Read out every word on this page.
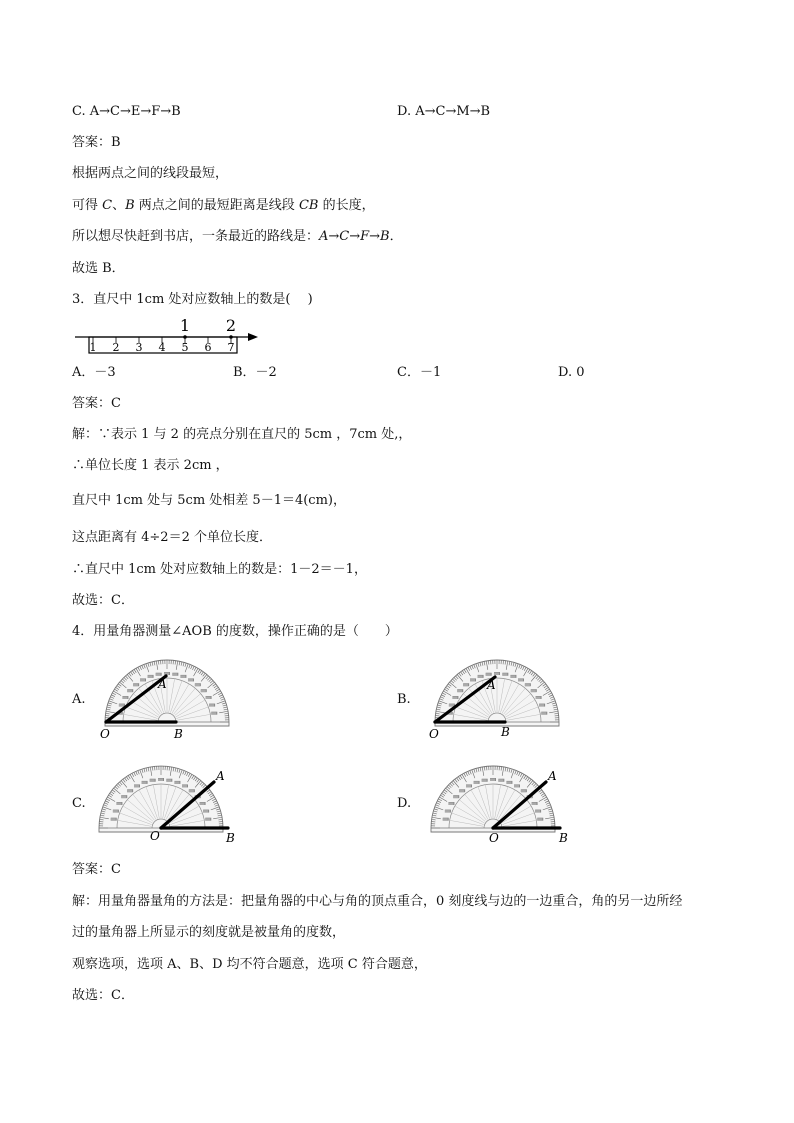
C. A→C→E→F→B	D. A→C→M→B
答案：B
根据两点之间的线段最短，
可得 C、B 两点之间的最短距离是线段 CB 的长度，
所以想尽快赶到书店，一条最近的路线是：A→C→F→B．
故选 B．
3．直尺中 1cm 处对应数轴上的数是(　 )
1 2 3 4 5 6 7
1 2
A．－3	B．－2	C．－1	D. 0
答案：C
解：∵表示 1 与 2 的亮点分别在直尺的 5cm ，7cm 处,，
∴单位长度 1 表示 2cm ，
直尺中 1cm 处与 5cm 处相差 5－1＝4(cm)，
这点距离有 4÷2＝2 个单位长度．
∴直尺中 1cm 处对应数轴上的数是：1－2＝－1，
故选：C．
4．用量角器测量∠AOB 的度数，操作正确的是（　　）
A.
O
A
B
B.
O
A
B
C.
O
A
B
D.
O
A
B
答案：C
解：用量角器量角的方法是：把量角器的中心与角的顶点重合，0 刻度线与边的一边重合，角的另一边所经
过的量角器上所显示的刻度就是被量角的度数，
观察选项，选项 A、B、D 均不符合题意，选项 C 符合题意，
故选：C．
